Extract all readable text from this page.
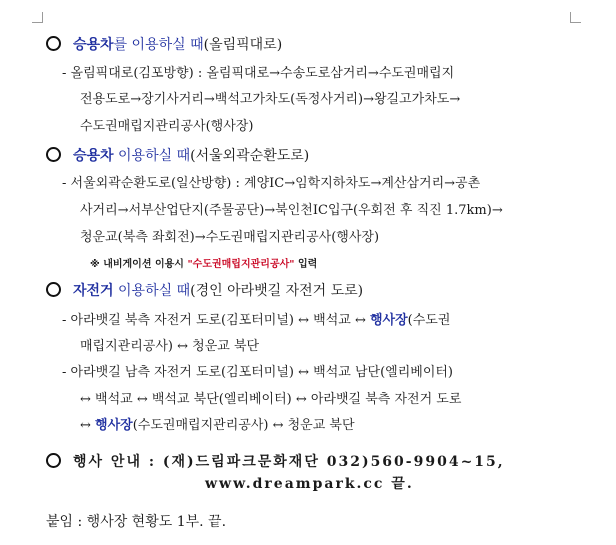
승용차를 이용하실 때(올림픽대로)
- 올림픽대로(김포방향) : 올림픽대로→수송도로삼거리→수도권매립지
전용도로→장기사거리→백석고가차도(독정사거리)→왕길고가차도→
수도권매립지관리공사(행사장)
승용차 이용하실 때(서울외곽순환도로)
- 서울외곽순환도로(일산방향) : 계양IC→임학지하차도→계산삼거리→공촌
사거리→서부산업단지(주물공단)→북인천IC입구(우회전 후 직진 1.7km)→
청운교(북측 좌회전)→수도권매립지관리공사(행사장)
※ 내비게이션 이용시 "수도권매립지관리공사" 입력
자전거 이용하실 때(경인 아라뱃길 자전거 도로)
- 아라뱃길 북측 자전거 도로(김포터미널) ↔ 백석교 ↔ 행사장(수도권
매립지관리공사) ↔ 청운교 북단
- 아라뱃길 남측 자전거 도로(김포터미널) ↔ 백석교 남단(엘리베이터)
↔ 백석교 ↔ 백석교 북단(엘리베이터) ↔ 아라뱃길 북측 자전거 도로
↔ 행사장(수도권매립지관리공사) ↔ 청운교 북단
행사 안내 : (재)드림파크문화재단 032)560-9904~15,
www.dreampark.cc 끝.
붙임 : 행사장 현황도 1부. 끝.
